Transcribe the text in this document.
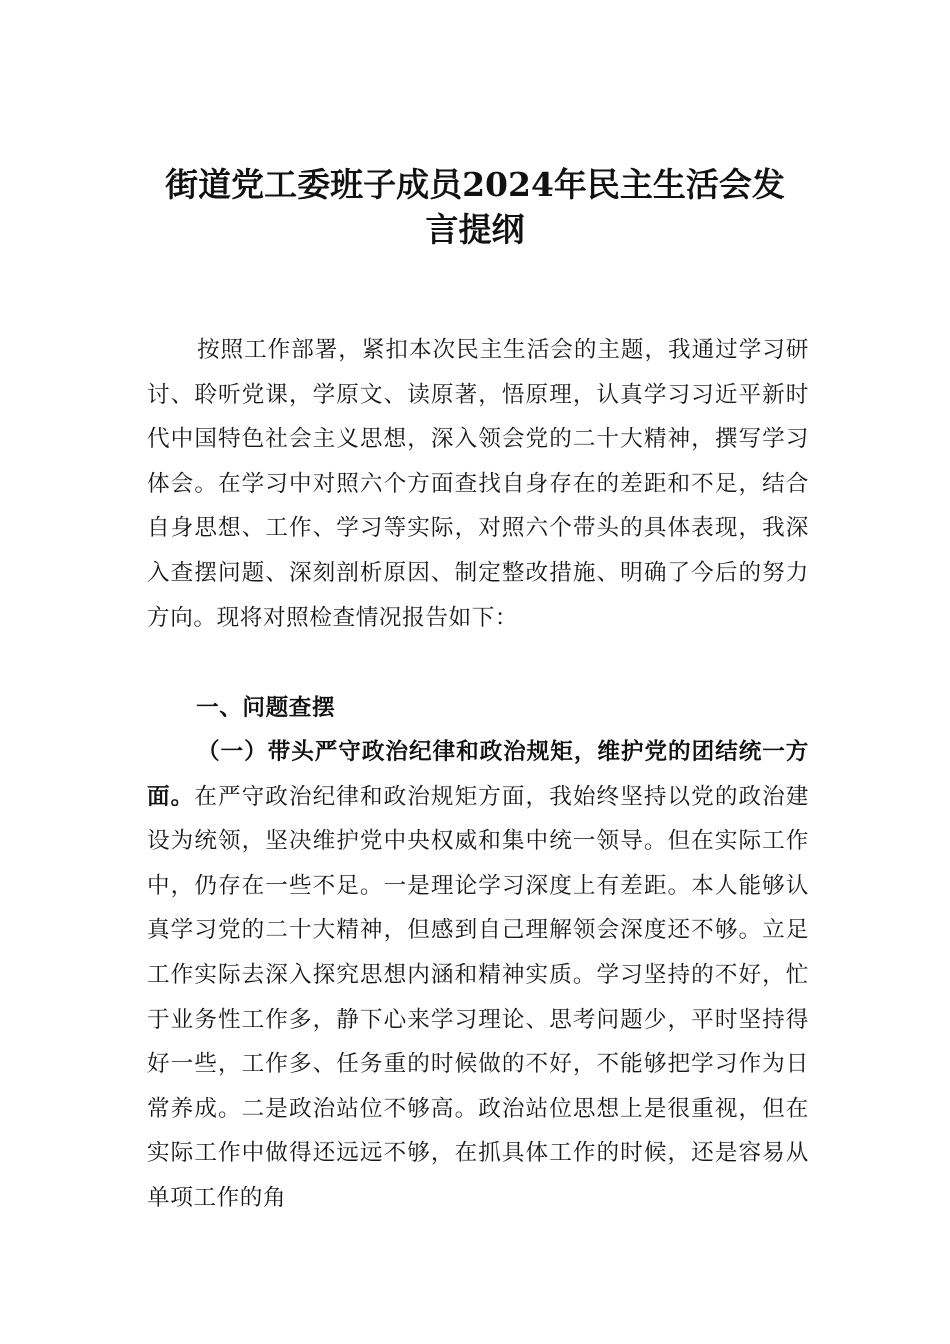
街道党工委班子成员2024年民主生活会发
言提纲
按照工作部署，紧扣本次民主生活会的主题，我通过学习研讨、聆听党课，学原文、读原著，悟原理，认真学习习近平新时代中国特色社会主义思想，深入领会党的二十大精神，撰写学习体会。在学习中对照六个方面查找自身存在的差距和不足，结合自身思想、工作、学习等实际，对照六个带头的具体表现，我深入查摆问题、深刻剖析原因、制定整改措施、明确了今后的努力方向。现将对照检查情况报告如下：
一、问题查摆
（一）带头严守政治纪律和政治规矩，维护党的团结统一方面。在严守政治纪律和政治规矩方面，我始终坚持以党的政治建设为统领，坚决维护党中央权威和集中统一领导。但在实际工作中，仍存在一些不足。一是理论学习深度上有差距。本人能够认真学习党的二十大精神，但感到自己理解领会深度还不够。立足工作实际去深入探究思想内涵和精神实质。学习坚持的不好，忙于业务性工作多，静下心来学习理论、思考问题少，平时坚持得好一些，工作多、任务重的时候做的不好，不能够把学习作为日常养成。二是政治站位不够高。政治站位思想上是很重视，但在实际工作中做得还远远不够，在抓具体工作的时候，还是容易从单项工作的角
